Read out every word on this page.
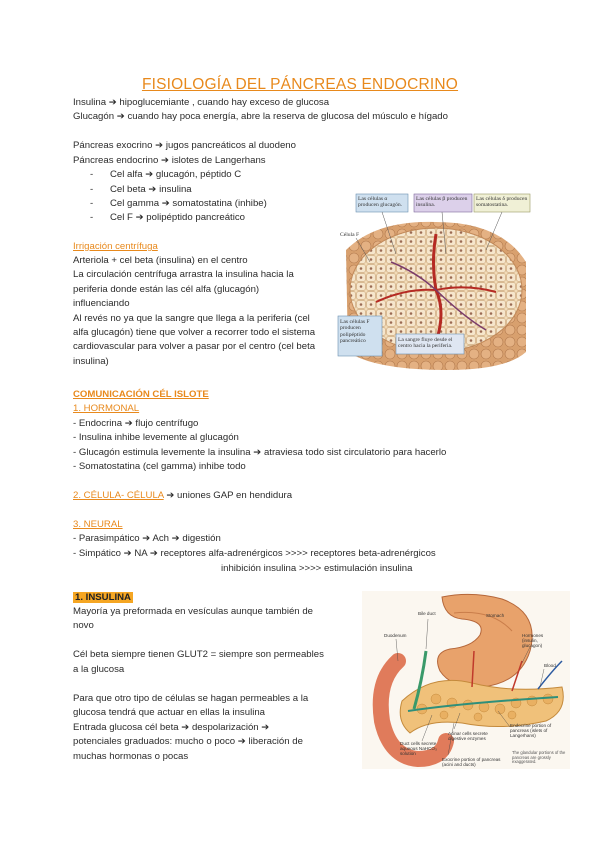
FISIOLOGÍA DEL PÁNCREAS ENDOCRINO
Insulina ➔ hipoglucemiante , cuando hay exceso de glucosa
Glucagón ➔ cuando hay poca energía, abre la reserva de glucosa del músculo e hígado
Páncreas exocrino ➔ jugos pancreáticos al duodeno
Páncreas endocrino ➔ islotes de Langerhans
- Cel alfa ➔ glucagón, péptido C
- Cel beta ➔ insulina
- Cel gamma ➔ somatostatina (inhibe)
- Cel F ➔ polipéptido pancreático
Irrigación centrífuga
Arteriola + cel beta (insulina) en el centro
La circulación centrífuga arrastra la insulina hacia la
periferia donde están las cél alfa (glucagón)
influenciando
Al revés no ya que la sangre que llega a la periferia (cel
alfa glucagón) tiene que volver a recorrer todo el sistema
cardiovascular para volver a pasar por el centro (cel beta
insulina)
Las células α producen glucagón.
Las células β producen insulina.
Las células δ producen somatostatina.
Célula F
Las células F producen polipéptido pancreático	La sangre fluye desde el centro hacia la periferia.
COMUNICACIÓN CÉL ISLOTE
1. HORMONAL
- Endocrina ➔ flujo centrífugo
- Insulina inhibe levemente al glucagón
- Glucagón estimula levemente la insulina ➔ atraviesa todo sist circulatorio para hacerlo
- Somatostatina (cel gamma) inhibe todo
2. CÉLULA- CÉLULA ➔ uniones GAP en hendidura
3. NEURAL
- Parasimpático ➔ Ach ➔ digestión
- Simpático ➔ NA ➔ receptores alfa-adrenérgicos >>>> receptores beta-adrenérgicos
inhibición insulina >>>> estimulación insulina
1. INSULINA
Mayoría ya preformada en vesículas aunque también de
novo
Cél beta siempre tienen GLUT2 = siempre son permeables
a la glucosa
Para que otro tipo de células se hagan permeables a la
glucosa tendrá que actuar en ellas la insulina
Entrada glucosa cél beta ➔ despolarización ➔
potenciales graduados: mucho o poco ➔ liberación de
muchas hormonas o pocas
Bile duct	Stomach
Duodenum	Hormones (insulin, glucagon)
Blood
Endocrine portion of pancreas (islets of Langerhans)
Acinar cells secrete digestive enzymes
Duct cells secrete aqueous NaHCO₃ solution
Exocrine portion of pancreas (acini and ducts)
The glandular portions of the pancreas are grossly exaggerated.
